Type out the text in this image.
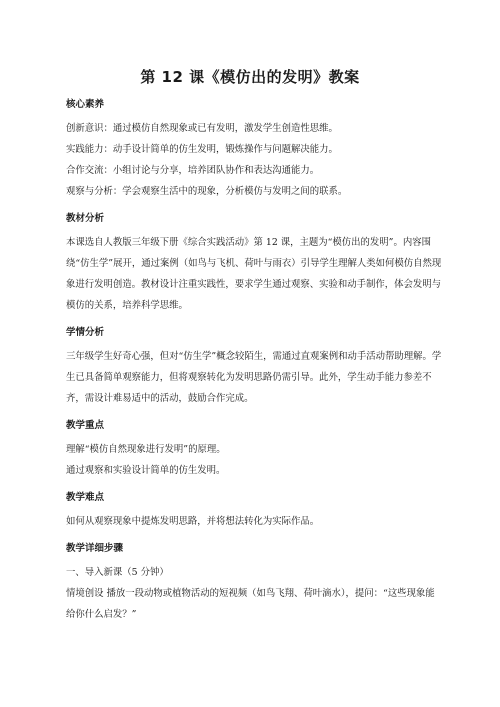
第 12 课《模仿出的发明》教案
核心素养

创新意识：通过模仿自然现象或已有发明，激发学生创造性思维。

实践能力：动手设计简单的仿生发明，锻炼操作与问题解决能力。

合作交流：小组讨论与分享，培养团队协作和表达沟通能力。

观察与分析：学会观察生活中的现象，分析模仿与发明之间的联系。

教材分析

本课选自人教版三年级下册《综合实践活动》第 12 课，主题为“模仿出的发明”。内容围绕“仿生学”展开，通过案例（如鸟与飞机、荷叶与雨衣）引导学生理解人类如何模仿自然现象进行发明创造。教材设计注重实践性，要求学生通过观察、实验和动手制作，体会发明与模仿的关系，培养科学思维。

学情分析

三年级学生好奇心强，但对“仿生学”概念较陌生，需通过直观案例和动手活动帮助理解。学生已具备简单观察能力，但将观察转化为发明思路仍需引导。此外，学生动手能力参差不齐，需设计难易适中的活动，鼓励合作完成。

教学重点

理解“模仿自然现象进行发明”的原理。

通过观察和实验设计简单的仿生发明。

教学难点

如何从观察现象中提炼发明思路，并将想法转化为实际作品。

教学详细步骤

一、导入新课（5 分钟）

情境创设 播放一段动物或植物活动的短视频（如鸟飞翔、荷叶滴水），提问：“这些现象能给你什么启发？”
